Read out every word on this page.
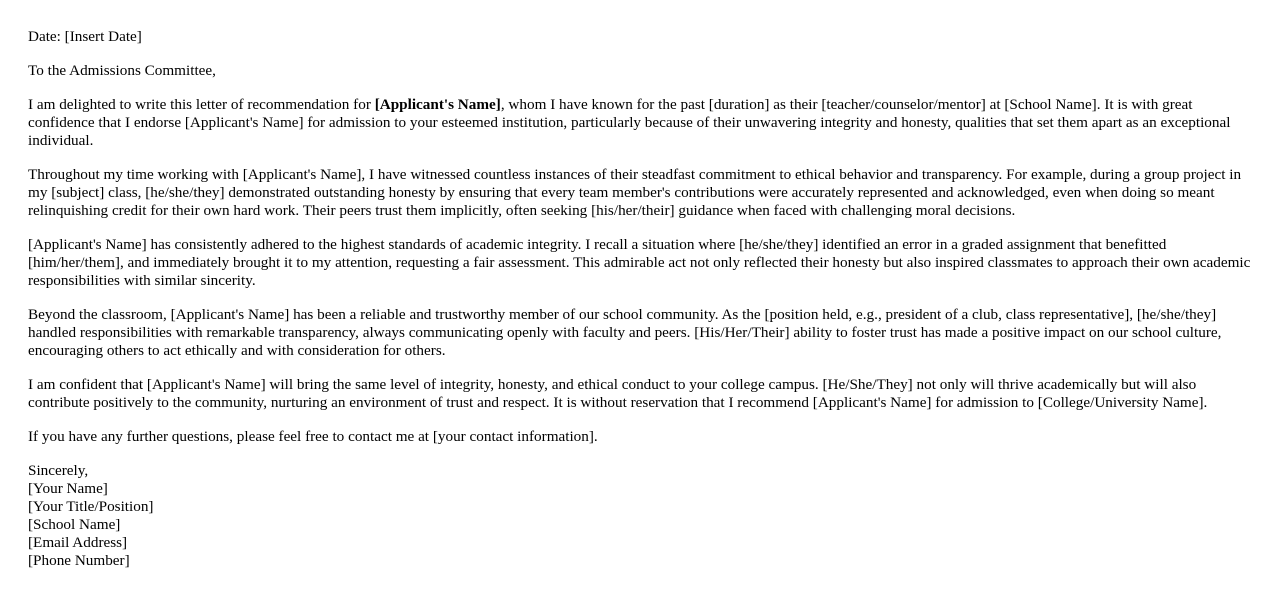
Date: [Insert Date]

To the Admissions Committee,

I am delighted to write this letter of recommendation for [Applicant's Name], whom I have known for the past [duration] as their [teacher/counselor/mentor] at [School Name]. It is with great confidence that I endorse [Applicant's Name] for admission to your esteemed institution, particularly because of their unwavering integrity and honesty, qualities that set them apart as an exceptional individual.

Throughout my time working with [Applicant's Name], I have witnessed countless instances of their steadfast commitment to ethical behavior and transparency. For example, during a group project in my [subject] class, [he/she/they] demonstrated outstanding honesty by ensuring that every team member's contributions were accurately represented and acknowledged, even when doing so meant relinquishing credit for their own hard work. Their peers trust them implicitly, often seeking [his/her/their] guidance when faced with challenging moral decisions.

[Applicant's Name] has consistently adhered to the highest standards of academic integrity. I recall a situation where [he/she/they] identified an error in a graded assignment that benefitted [him/her/them], and immediately brought it to my attention, requesting a fair assessment. This admirable act not only reflected their honesty but also inspired classmates to approach their own academic responsibilities with similar sincerity.

Beyond the classroom, [Applicant's Name] has been a reliable and trustworthy member of our school community. As the [position held, e.g., president of a club, class representative], [he/she/they] handled responsibilities with remarkable transparency, always communicating openly with faculty and peers. [His/Her/Their] ability to foster trust has made a positive impact on our school culture, encouraging others to act ethically and with consideration for others.

I am confident that [Applicant's Name] will bring the same level of integrity, honesty, and ethical conduct to your college campus. [He/She/They] not only will thrive academically but will also contribute positively to the community, nurturing an environment of trust and respect. It is without reservation that I recommend [Applicant's Name] for admission to [College/University Name].

If you have any further questions, please feel free to contact me at [your contact information].

Sincerely,
[Your Name]
[Your Title/Position]
[School Name]
[Email Address]
[Phone Number]
